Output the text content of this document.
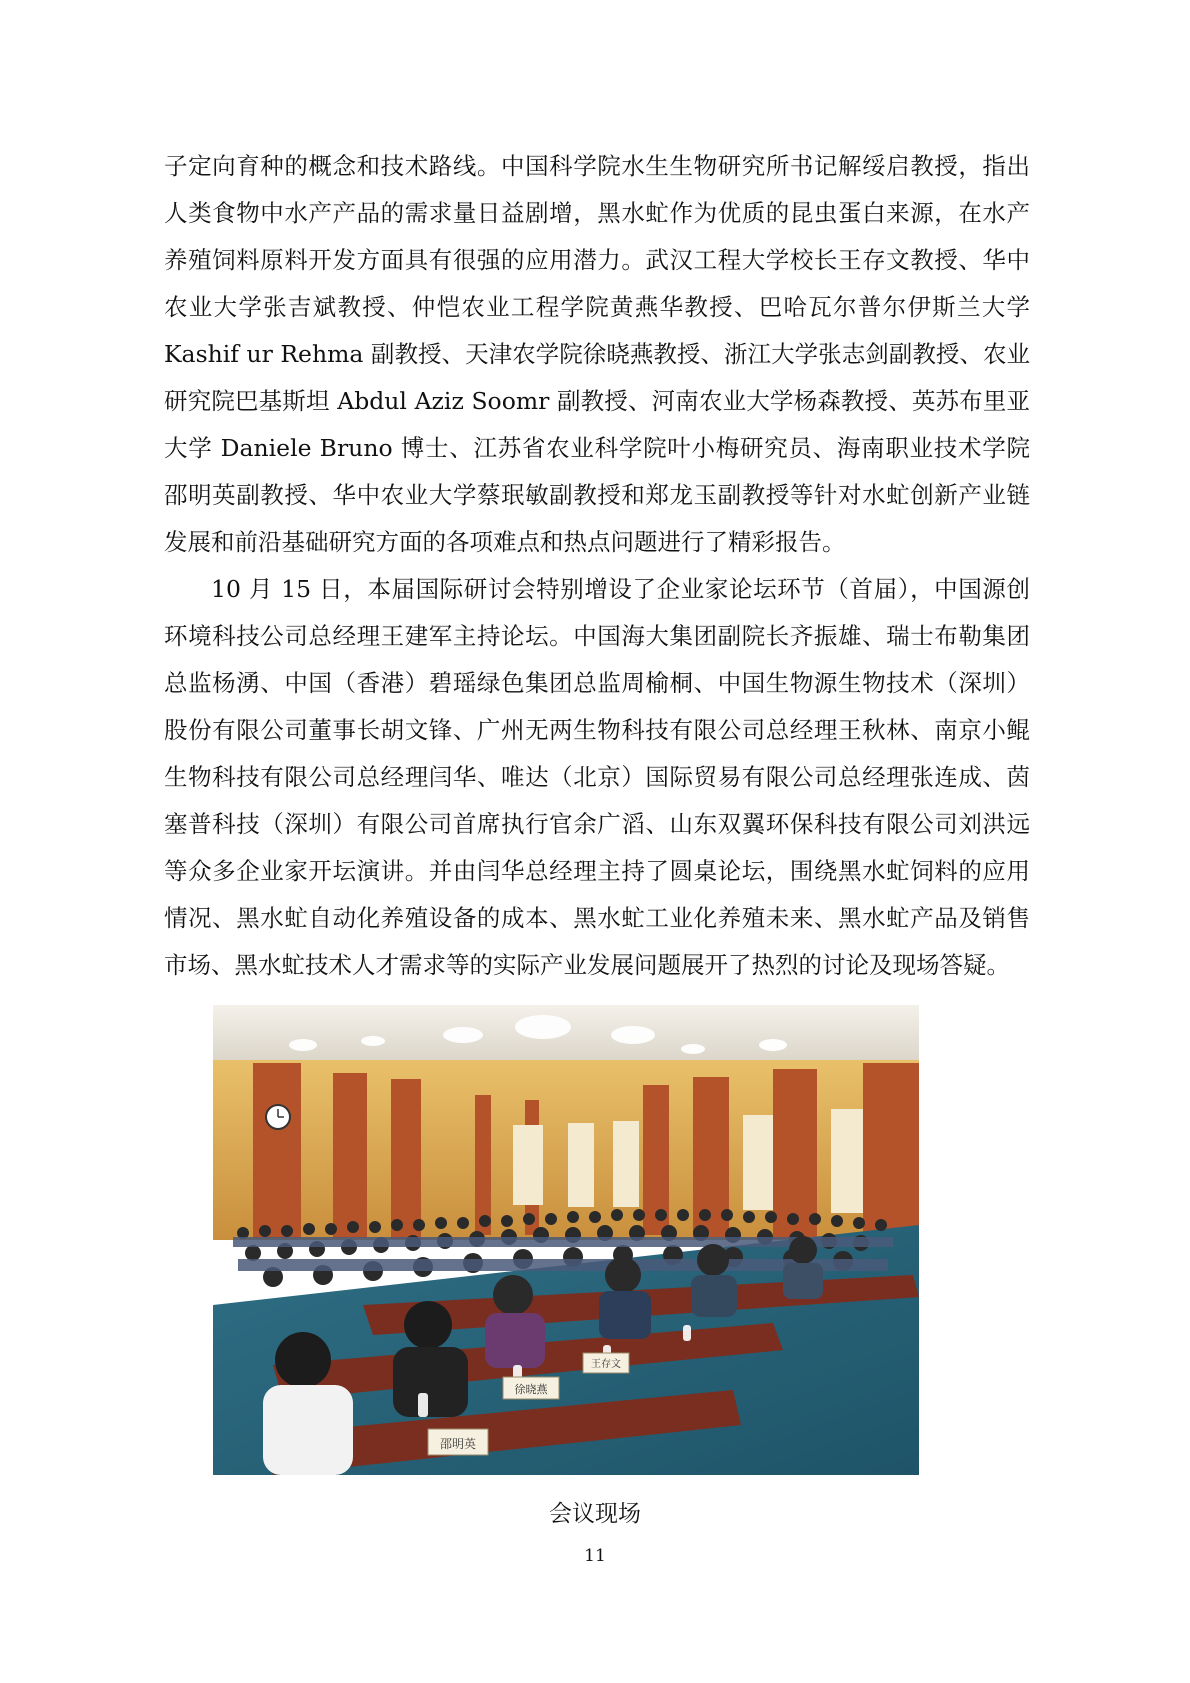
子定向育种的概念和技术路线。中国科学院水生生物研究所书记解绥启教授，指出人类食物中水产产品的需求量日益剧增，黑水虻作为优质的昆虫蛋白来源，在水产养殖饲料原料开发方面具有很强的应用潜力。武汉工程大学校长王存文教授、华中农业大学张吉斌教授、仲恺农业工程学院黄燕华教授、巴哈瓦尔普尔伊斯兰大学 Kashif ur Rehma 副教授、天津农学院徐晓燕教授、浙江大学张志剑副教授、农业研究院巴基斯坦 Abdul Aziz Soomr 副教授、河南农业大学杨森教授、英苏布里亚大学 Daniele Bruno 博士、江苏省农业科学院叶小梅研究员、海南职业技术学院邵明英副教授、华中农业大学蔡珉敏副教授和郑龙玉副教授等针对水虻创新产业链发展和前沿基础研究方面的各项难点和热点问题进行了精彩报告。

10 月 15 日，本届国际研讨会特别增设了企业家论坛环节（首届），中国源创环境科技公司总经理王建军主持论坛。中国海大集团副院长齐振雄、瑞士布勒集团总监杨湧、中国（香港）碧瑶绿色集团总监周榆桐、中国生物源生物技术（深圳）股份有限公司董事长胡文锋、广州无两生物科技有限公司总经理王秋林、南京小鲲生物科技有限公司总经理闫华、唯达（北京）国际贸易有限公司总经理张连成、茵塞普科技（深圳）有限公司首席执行官余广滔、山东双翼环保科技有限公司刘洪远等众多企业家开坛演讲。并由闫华总经理主持了圆桌论坛，围绕黑水虻饲料的应用情况、黑水虻自动化养殖设备的成本、黑水虻工业化养殖未来、黑水虻产品及销售市场、黑水虻技术人才需求等的实际产业发展问题展开了热烈的讨论及现场答疑。

邵明英
徐晓燕
王存文
会议现场
11
